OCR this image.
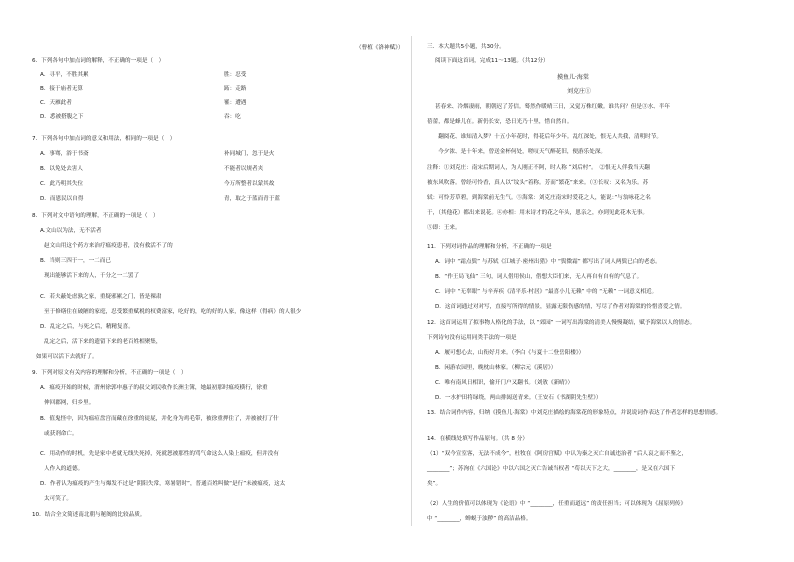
（曹植《洛神赋》）
6．下列各句中加点词的解释，不正确的一项是（　）
A．寻平，不胜其累	胜：忍受
B．接于庙者无算	跖：走路
C．天雁此者	罹：遭遇
D．悉被搭腹之下	吞：吃
7．下列各句中加点词的意义和用法，相同的一项是（　）
A．事骞，浴于书斋	补同城门，忽于是火
B．以免处去害人	不能者以规者夹
C．此乃明其失位	今万所整者以蒙其故
D．而恩民以自得	青，取之于蓝而青于蓝
8．下列对文中语句的理解，不正确的一项是（　）
A.文山以为法，无不活者
赵文山用这个药方来治疗瘟疫患者，没有救活不了的
B．当则三四于一，一二而已
现出能够活下来的人，千分之一二罢了
C．若夫蔽处虐孰之家，重疑邪累之门，皆是裸肃
至于修缮住在破陋的家庭，忍受繁重赋税的权费富家，吃好的，吃的好的人家，像这样（得病）的人很少
D．乱定之后，与死之后，精精复喜。
乱定之后，活下来的遗留下来的老百姓相聚集，
如果可以活下去就好了。
9．下列对原文有关内容的理解和分析，不正确的一项是（　）
A．瘟疫开始的时候，渭州徐郭申惠子的叔父刘民收作长洲主簿，她最初那时瘟疫横行，徐重
伸回郡网，归乡里。
B．值鬼怪中，因为瘟痘盘宫而藏在徐重的徒屁，并化身为鸡毛带，被徐重押住了，并被被打了什
或获剂命亡。
C．用动作的时机，先是家中老就无线失死掉，死就恕被那性的骂气命这么人染上瘟疫，但并没有
人作入的道德。
D．作者认为瘟疫的产生与爆发不过是“阴阳失常，寒暑错时”，普通百姓叫做“是行”未被瘟疫，这太
太可笑了。
10．结合全文简述南北朝与秘阁的比较品质。
三．本大题共5小题，共30分。
阅读下面这首词，完成11～13题。（共12分）
摸鱼儿·海棠
刘克庄①
甚春来、冷烟凄雨，朝朝迟了芳信。蓦然作暖晴三日，又觉万株红嫩。谁共问？但是③水、半年
蓓蕾，都是蜂儿在。新仍长安，恐日光乃十里，惜自然自。
　　翻阅花、谁知清入梦？十五小年花时，得花后年少年。乱红深处，恨无人共我，清明时节。
　　今夕浓、是十年来，曾送金杯何处，嗟叹天气醉花旧，便游乐处深。
注释：①刘克庄：南宋后期词人，为人刚正不阿，时人称 “刘后村”。　②恨无人伴我当天翻
被东风吹落。曾经可怜香，真人以“坟头”着称。芳而“繁花”来来。（③长叹：又名为乐。苏
轼：可怜芳草碧，到海棠前无生气。⑤海棠：刘克庄南宋时爱花之人，能说：”与翁咏花之名
于，（其他花）都出来说花。④亦相：用末诗才的花之年头，恩亲之，亦到见此花木无事。
⑤即：王来。
11．下列对词作品的理解和分析，不正确的一项是
A．词中 “霜点鬓” 与苏轼《江城子·密州出猎》中 “鬓微霜” 都写出了词人两鬓已白的老态。
B．“作王局飞仙” 三句，词人借用侯山，借想大臣们来，无人再自有自有的气息了。
C．词中 “无辜眼” 与辛弃疾《清平乐·村居》“最喜小儿无赖” 中的 “无赖” 一词意义相近。
D．这首词通过对对写，直接写所得的情景，显露无限伤感的情，写尽了作者对海棠的怜惜喜爱之情。
12．这首词运用了拟事物人格化的手法，以 “郊园” 一词写出海棠的清美人慢慢凝结，赋予海棠以人的情态。
下列诗句没有运用同类手法的一项是
A．履可想心去，山衔好月来。（李白《与夏十二登岳阳楼》）
B．闲游农园里，晚枕山林家。（柳宗元《溪居》）
C．唯有南风日相识，偷开门户又翻书。（刘攽《新晴》）
D．一水护田将绿绕，两山排闼送青来。（王安石《书湖阴先生壁》）
13．结合词作内容，归纳《摸鱼儿·海棠》中刘克庄描绘的海棠花的形象特点，并说说词作表达了作者怎样的思想情感。
14．在横线处填写作品原句。（共 8 分）
（1）“双今宣室客，无法不成今”，杜牧在《阿房宫赋》中认为秦之灭亡自诚违治者 “后人哀之而不鉴之，
________”；苏洵在《六国论》中以六国之灭亡告诫当权者 “苟以天下之大，________，是又在六国下
矣”。
（2）人生的价值可以体现为《论语》中 “________，任重而道远” 的责任担当；可以体现为《屈原列传》
中 “________，蝉蜕于浊秽” 的高洁品格。
